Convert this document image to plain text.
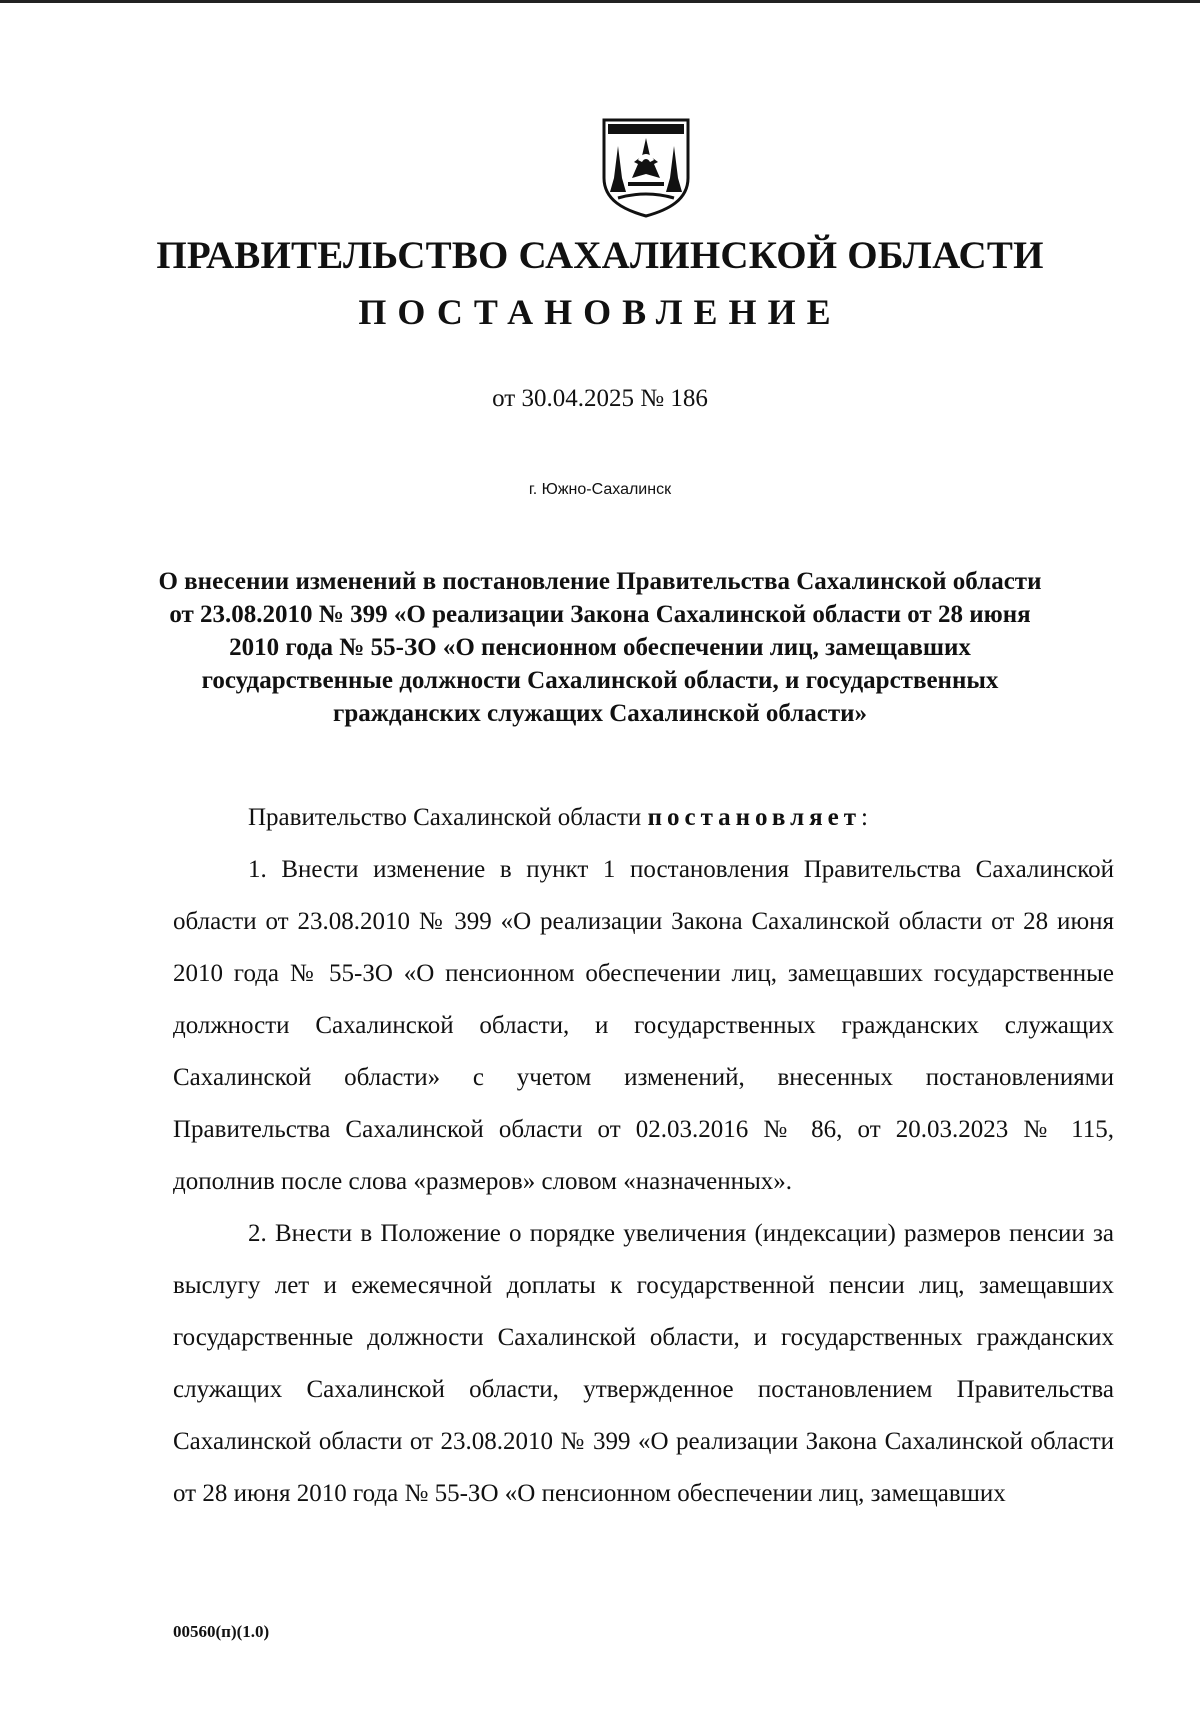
ПРАВИТЕЛЬСТВО САХАЛИНСКОЙ ОБЛАСТИ
ПОСТАНОВЛЕНИЕ
от 30.04.2025 № 186
г. Южно-Сахалинск
О внесении изменений в постановление Правительства Сахалинской области от 23.08.2010 № 399 «О реализации Закона Сахалинской области от 28 июня 2010 года № 55-ЗО «О пенсионном обеспечении лиц, замещавших государственные должности Сахалинской области, и государственных гражданских служащих Сахалинской области»

Правительство Сахалинской области постановляет:

1. Внести изменение в пункт 1 постановления Правительства Сахалинской области от 23.08.2010 № 399 «О реализации Закона Сахалинской области от 28 июня 2010 года № 55-ЗО «О пенсионном обеспечении лиц, замещавших государственные должности Сахалинской области, и государственных гражданских служащих Сахалинской области» с учетом изменений, внесенных постановлениями Правительства Сахалинской области от 02.03.2016 № 86, от 20.03.2023 № 115, дополнив после слова «размеров» словом «назначенных».

2. Внести в Положение о порядке увеличения (индексации) размеров пенсии за выслугу лет и ежемесячной доплаты к государственной пенсии лиц, замещавших государственные должности Сахалинской области, и государственных гражданских служащих Сахалинской области, утвержденное постановлением Правительства Сахалинской области от 23.08.2010 № 399 «О реализации Закона Сахалинской области от 28 июня 2010 года № 55-ЗО «О пенсионном обеспечении лиц, замещавших

00560(п)(1.0)
